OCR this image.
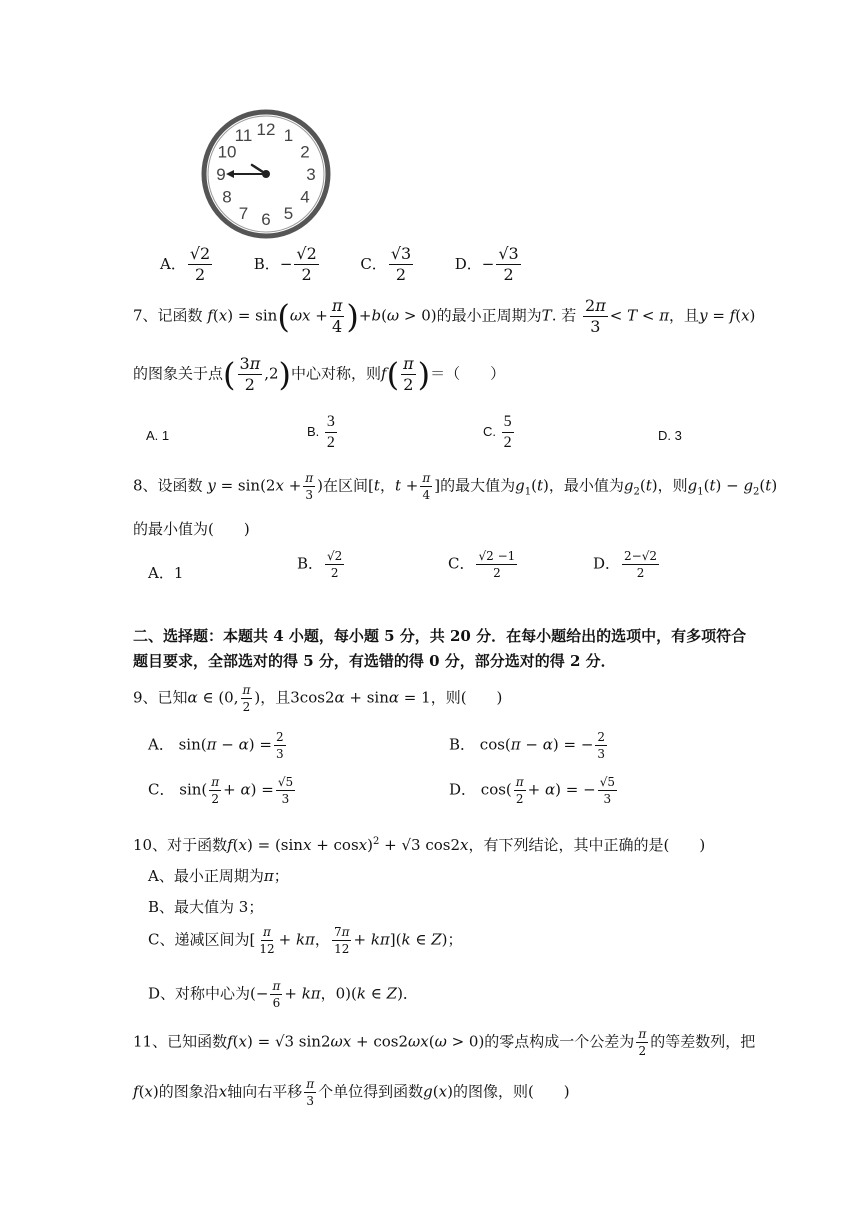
12 1
2
3
4
5
6
7
8
9
10
11
A． $\frac{√2}{2}$	B．− $\frac{√2}{2}$	C． $\frac{√3}{2}$	D．− $\frac{√3}{2}$
7、记函数 $f(x) = \sin(\omega x + \frac{\pi}{4} )+b(\omega > 0)$的最小正周期为T. 若 $\frac{2\pi}{3} < T < \pi$，且y = f(x)
的图象关于点( $\frac{3\pi}{2} ,2$)中心对称，则$f( \frac{\pi}{2}$ )＝（　　）
A. 1	B. $\frac{3}{2}$	C. $\frac{5}{2}$	D. 3
8、设函数 $y = \sin(2x + \frac{\pi}{3}$ )在区间[t，$t + \frac{\pi}{4}$ ]的最大值为$g_1(t)$，最小值为$g_2(t)$，则$g_1(t) - g_2(t)$
的最小值为(　　)
A．1
B． $\frac{√2}{2}$	C． $\frac{√2 -1}{2}$	D． $\frac{2-√2}{2}$
二、选择题：本题共 4 小题，每小题 5 分，共 20 分．在每小题给出的选项中，有多项符合
题目要求，全部选对的得 5 分，有选错的得 0 分，部分选对的得 2 分．
9、已知α ∈ (0, $\frac{\pi}{2}$ )，且3cos2α + sinα = 1，则(　　)
A． $\sin(\pi - \alpha) = \frac{2}{3}$	B． cos(π − α) = − $\frac{2}{3}$
C． $\sin( \frac{\pi}{2} + \alpha) = \frac{√5}{3}$	D． $\cos( \frac{\pi}{2} + \alpha)$ = − $\frac{√5}{3}$
10、对于函数$f(x) = (\sin x + \cos x)^2 + √3$ cos2x，有下列结论，其中正确的是(　　)
A、最小正周期为π；
B、最大值为 3；
C、递减区间为[ $\frac{\pi}{12} + k\pi$， $\frac{7\pi}{12} + k\pi](k$ ∈ Z)；
D、对称中心为(− $\frac{\pi}{6} + k\pi$，0)(k ∈ Z)．
11、已知函数f(x) = √3 sin2ωx + cos2ωx(ω > 0)的零点构成一个公差为 $\frac{\pi}{2}$ 的等差数列，把
f(x)的图象沿x轴向右平移 $\frac{\pi}{3}$ 个单位得到函数g(x)的图像，则(　　)
